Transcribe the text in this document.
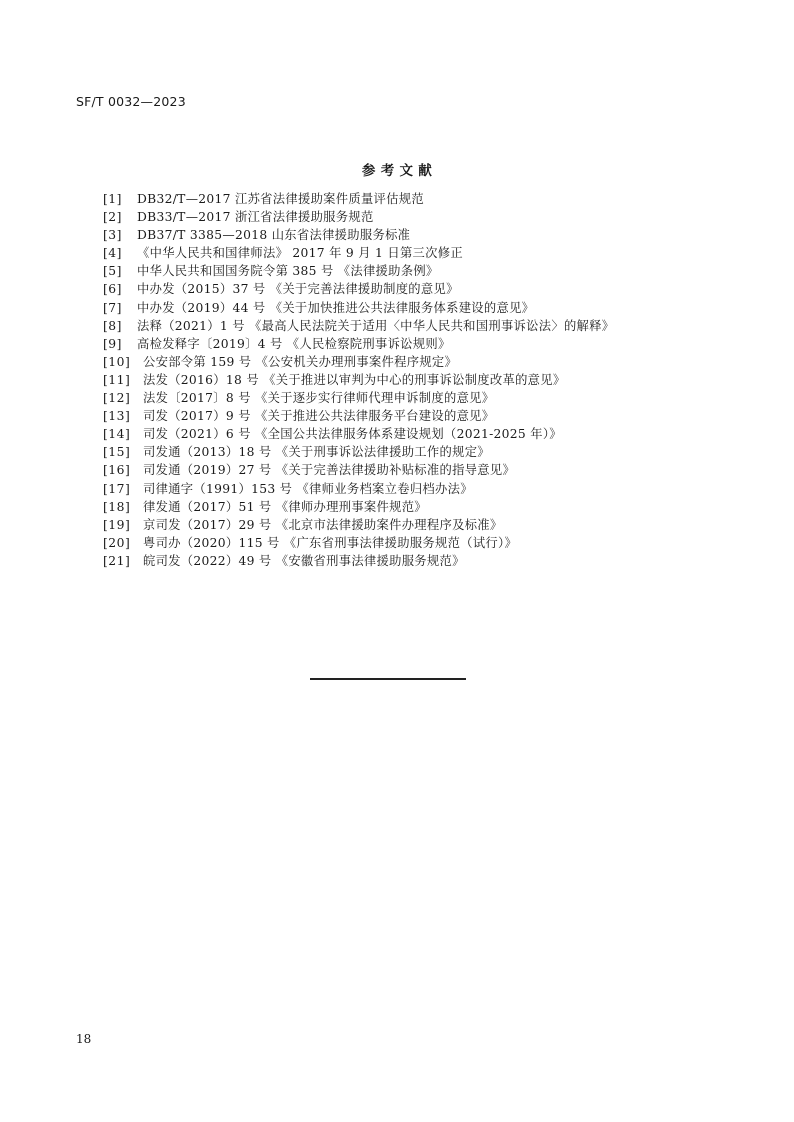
SF/T 0032—2023
参 考 文 献
[1]	DB32/T—2017 江苏省法律援助案件质量评估规范
[2]	DB33/T—2017 浙江省法律援助服务规范
[3]	DB37/T 3385—2018 山东省法律援助服务标准
[4]	《中华人民共和国律师法》 2017 年 9 月 1 日第三次修正
[5]	中华人民共和国国务院令第 385 号 《法律援助条例》
[6]	中办发（2015）37 号 《关于完善法律援助制度的意见》
[7]	中办发（2019）44 号 《关于加快推进公共法律服务体系建设的意见》
[8]	法释（2021）1 号 《最高人民法院关于适用〈中华人民共和国刑事诉讼法〉的解释》
[9]	高检发释字〔2019〕4 号 《人民检察院刑事诉讼规则》
[10]	公安部令第 159 号 《公安机关办理刑事案件程序规定》
[11]	法发（2016）18 号 《关于推进以审判为中心的刑事诉讼制度改革的意见》
[12]	法发〔2017〕8 号 《关于逐步实行律师代理申诉制度的意见》
[13]	司发（2017）9 号 《关于推进公共法律服务平台建设的意见》
[14]	司发（2021）6 号 《全国公共法律服务体系建设规划（2021-2025 年）》
[15]	司发通（2013）18 号 《关于刑事诉讼法律援助工作的规定》
[16]	司发通（2019）27 号 《关于完善法律援助补贴标准的指导意见》
[17]	司律通字（1991）153 号 《律师业务档案立卷归档办法》
[18]	律发通（2017）51 号 《律师办理刑事案件规范》
[19]	京司发（2017）29 号 《北京市法律援助案件办理程序及标准》
[20]	粤司办（2020）115 号 《广东省刑事法律援助服务规范（试行）》
[21]	皖司发（2022）49 号 《安徽省刑事法律援助服务规范》
18
